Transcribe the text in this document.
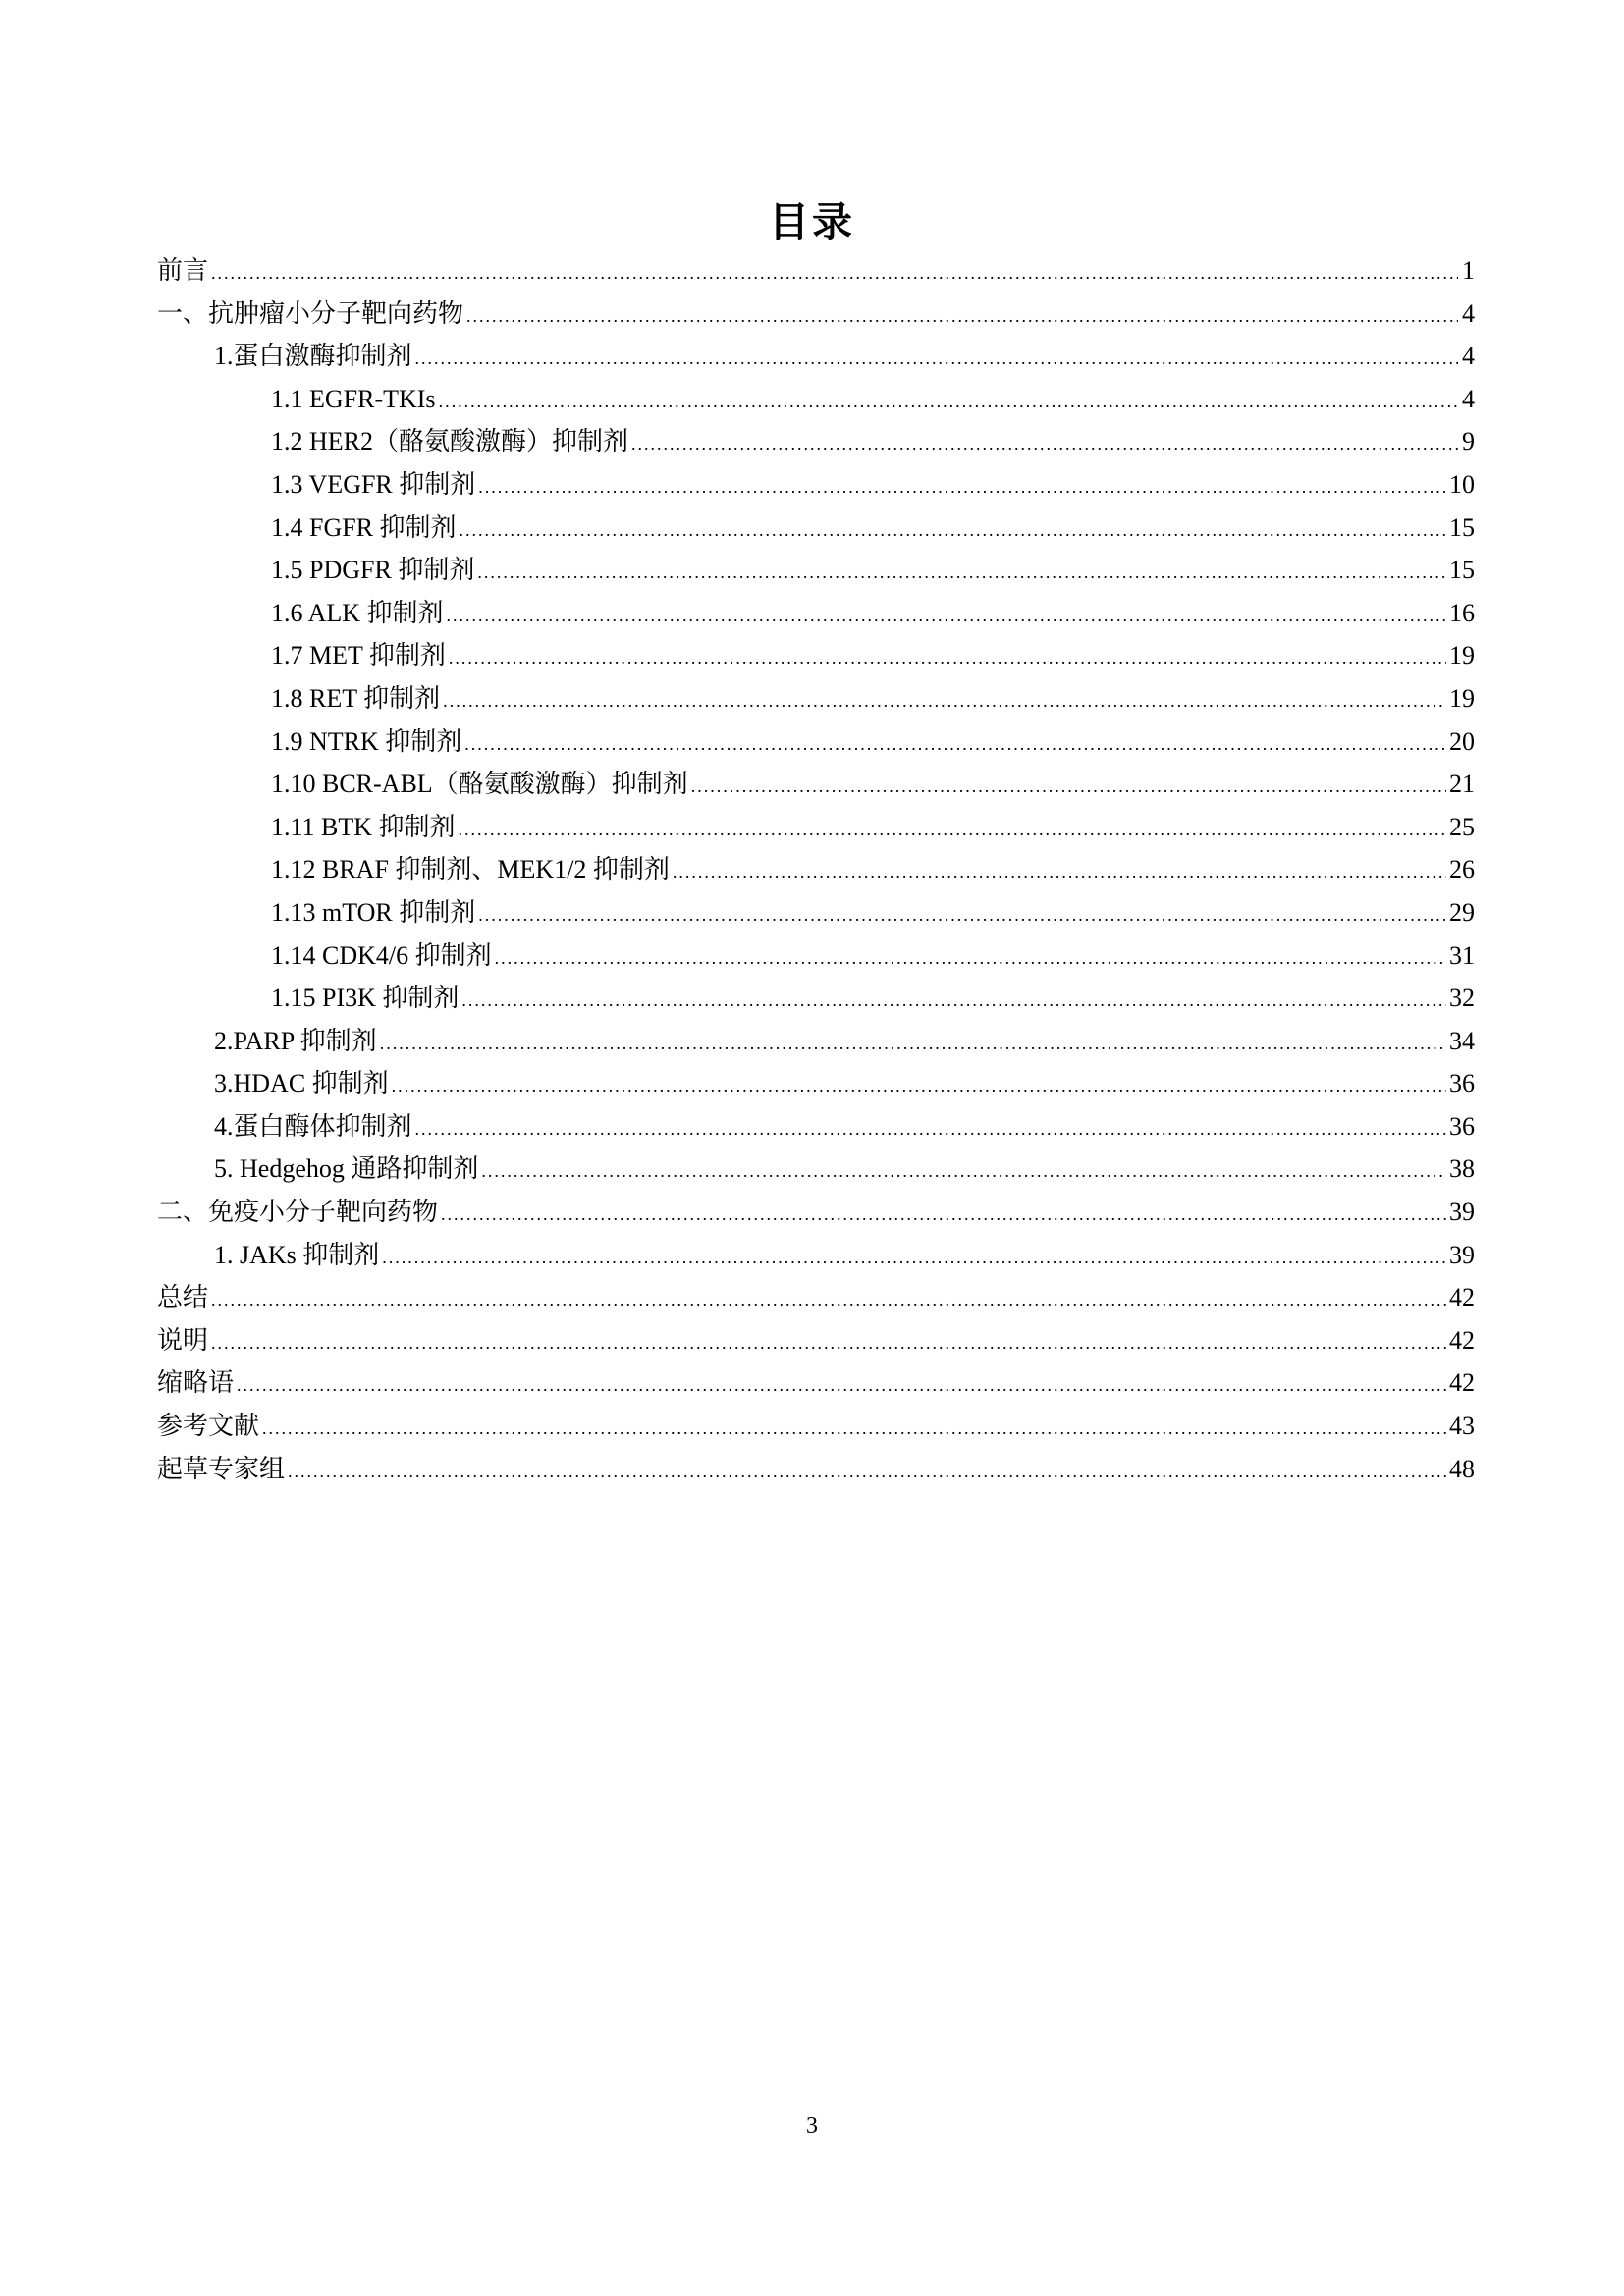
目录
前言 .....	1
一、抗肿瘤小分子靶向药物 .....	4
1.蛋白激酶抑制剂 .....	4
1.1 EGFR-TKIs .....	4
1.2 HER2（酪氨酸激酶）抑制剂 .....	9
1.3 VEGFR 抑制剂 .....	10
1.4 FGFR 抑制剂 .....	15
1.5 PDGFR 抑制剂 .....	15
1.6 ALK 抑制剂 .....	16
1.7 MET 抑制剂 .....	19
1.8 RET 抑制剂 .....	19
1.9 NTRK 抑制剂 .....	20
1.10 BCR-ABL（酪氨酸激酶）抑制剂 .....	21
1.11 BTK 抑制剂 .....	25
1.12 BRAF 抑制剂、MEK1/2 抑制剂 .....	26
1.13 mTOR 抑制剂 .....	29
1.14 CDK4/6 抑制剂 .....	31
1.15 PI3K 抑制剂 .....	32
2.PARP 抑制剂 .....	34
3.HDAC 抑制剂 .....	36
4.蛋白酶体抑制剂 .....	36
5. Hedgehog 通路抑制剂 .....	38
二、免疫小分子靶向药物 .....	39
1. JAKs 抑制剂 .....	39
总结 .....	42
说明 .....	42
缩略语 .....	42
参考文献 .....	43
起草专家组 .....	48
3
